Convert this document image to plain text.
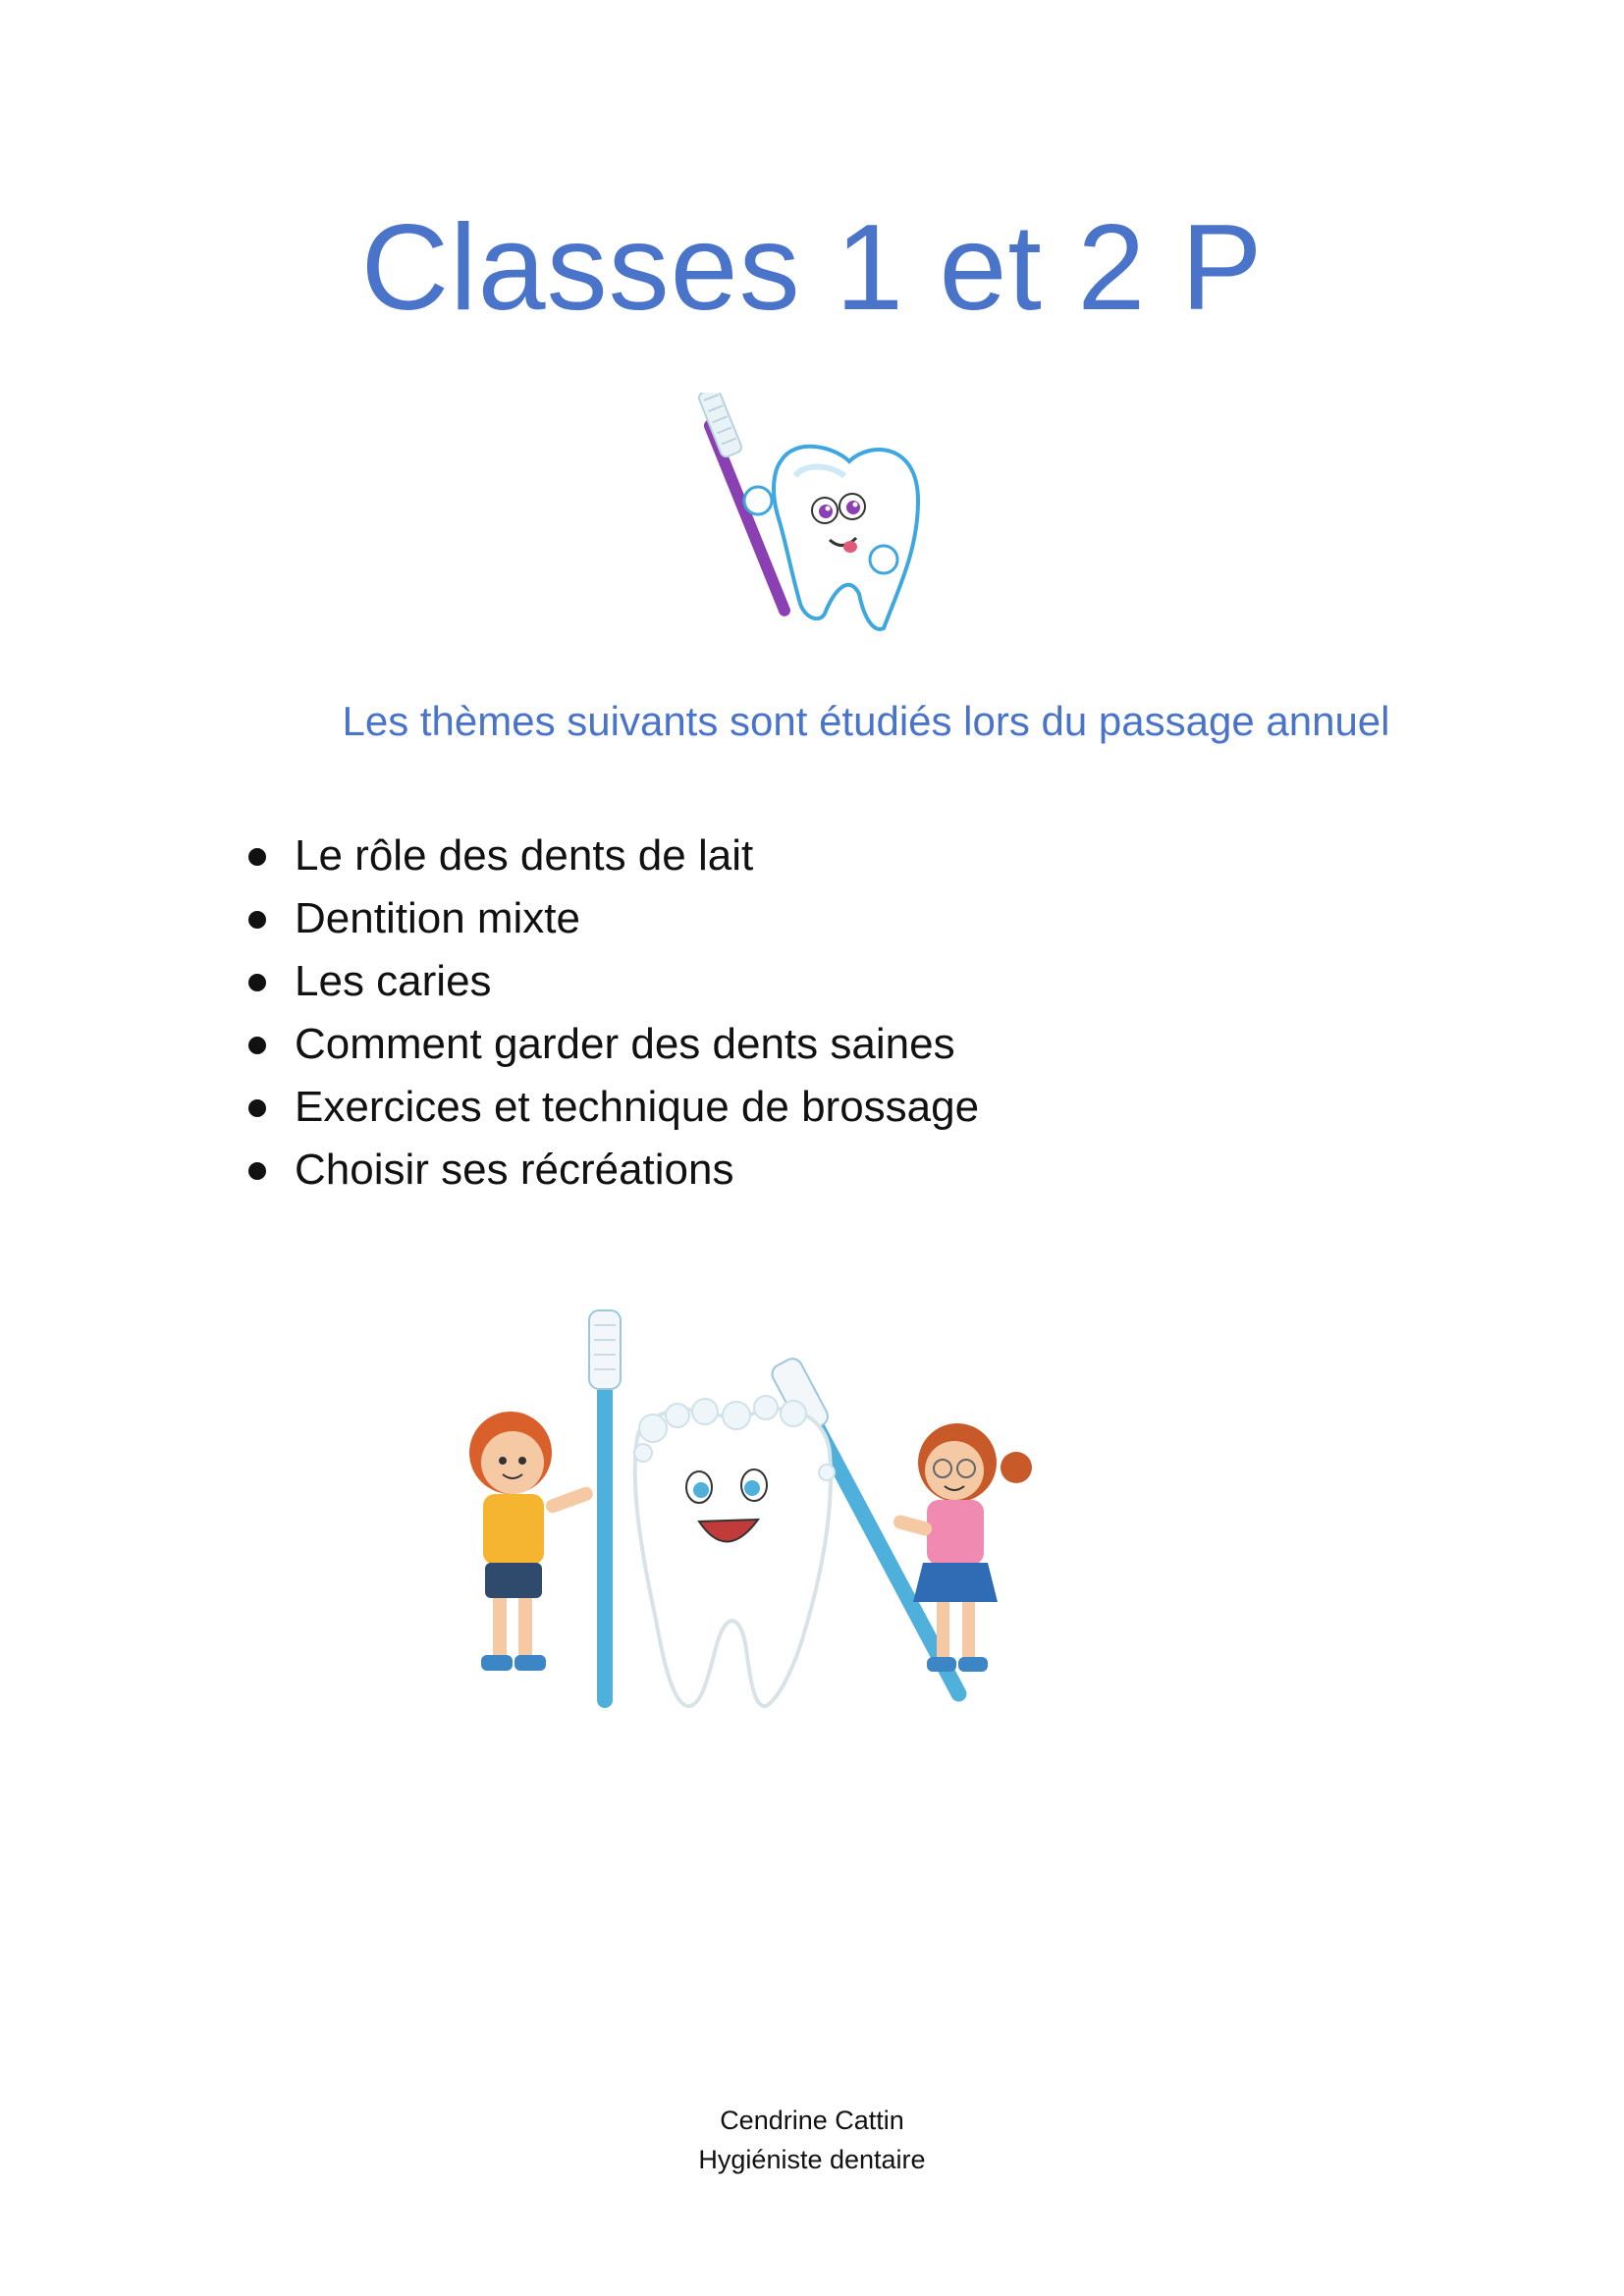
Classes 1 et 2 P
Les thèmes suivants sont étudiés lors du passage annuel
Le rôle des dents de lait
Dentition mixte
Les caries
Comment garder des dents saines
Exercices et technique de brossage
Choisir ses récréations
Cendrine Cattin
Hygiéniste dentaire
